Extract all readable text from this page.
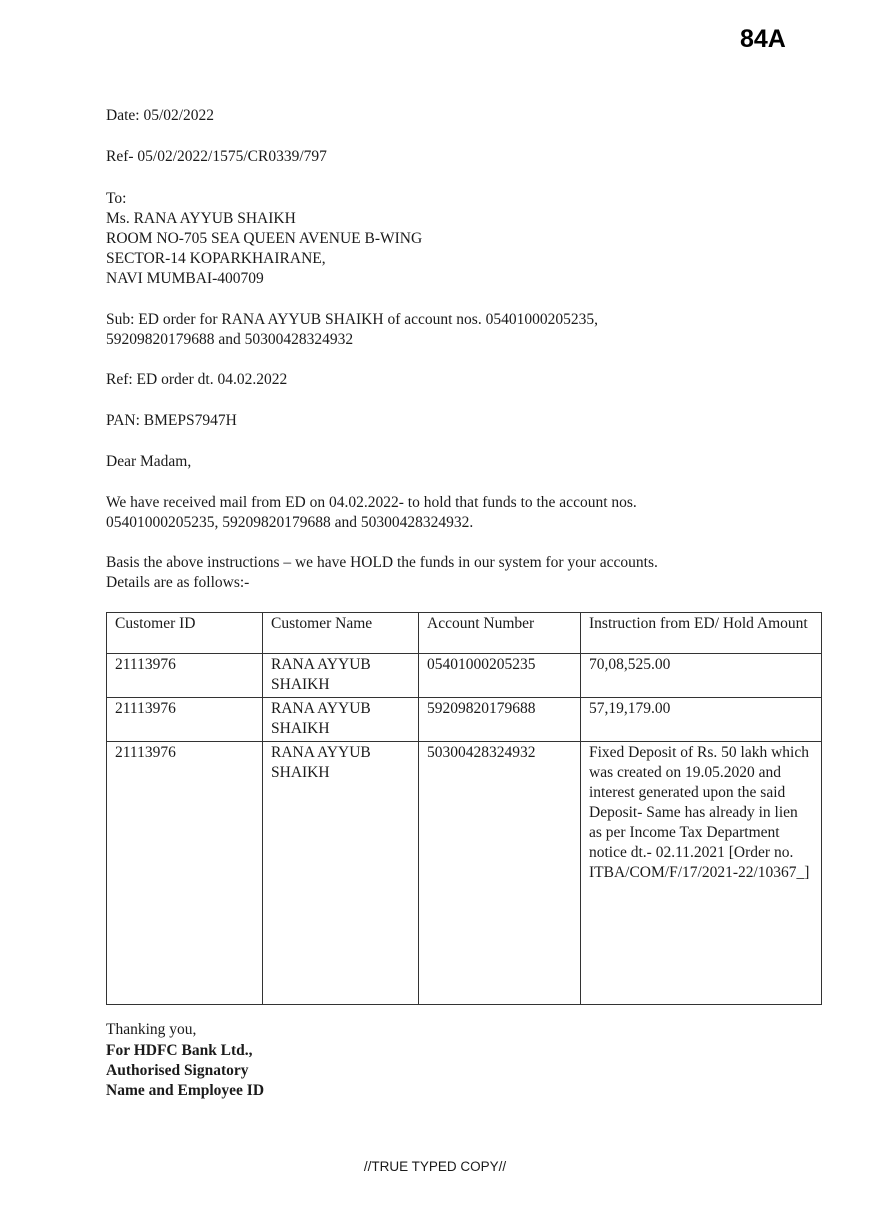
84A
Date: 05/02/2022
Ref- 05/02/2022/1575/CR0339/797
To:
Ms. RANA AYYUB SHAIKH
ROOM NO-705 SEA QUEEN AVENUE B-WING
SECTOR-14 KOPARKHAIRANE,
NAVI MUMBAI-400709
Sub: ED order for RANA AYYUB SHAIKH of account nos. 05401000205235,
59209820179688 and 50300428324932
Ref: ED order dt. 04.02.2022
PAN: BMEPS7947H
Dear Madam,
We have received mail from ED on 04.02.2022- to hold that funds to the account nos.
05401000205235, 59209820179688 and 50300428324932.
Basis the above instructions – we have HOLD the funds in our system for your accounts.
Details are as follows:-
Customer ID	Customer Name	Account Number	Instruction from ED/ Hold Amount
21113976	RANA AYYUB SHAIKH	05401000205235	70,08,525.00
21113976	RANA AYYUB SHAIKH	59209820179688	57,19,179.00
21113976	RANA AYYUB SHAIKH	50300428324932	Fixed Deposit of Rs. 50 lakh which was created on 19.05.2020 and interest generated upon the said Deposit- Same has already in lien as per Income Tax Department notice dt.- 02.11.2021 [Order no. ITBA/COM/F/17/2021-22/10367_]
Thanking you,
For HDFC Bank Ltd.,
Authorised Signatory
Name and Employee ID
//TRUE TYPED COPY//
